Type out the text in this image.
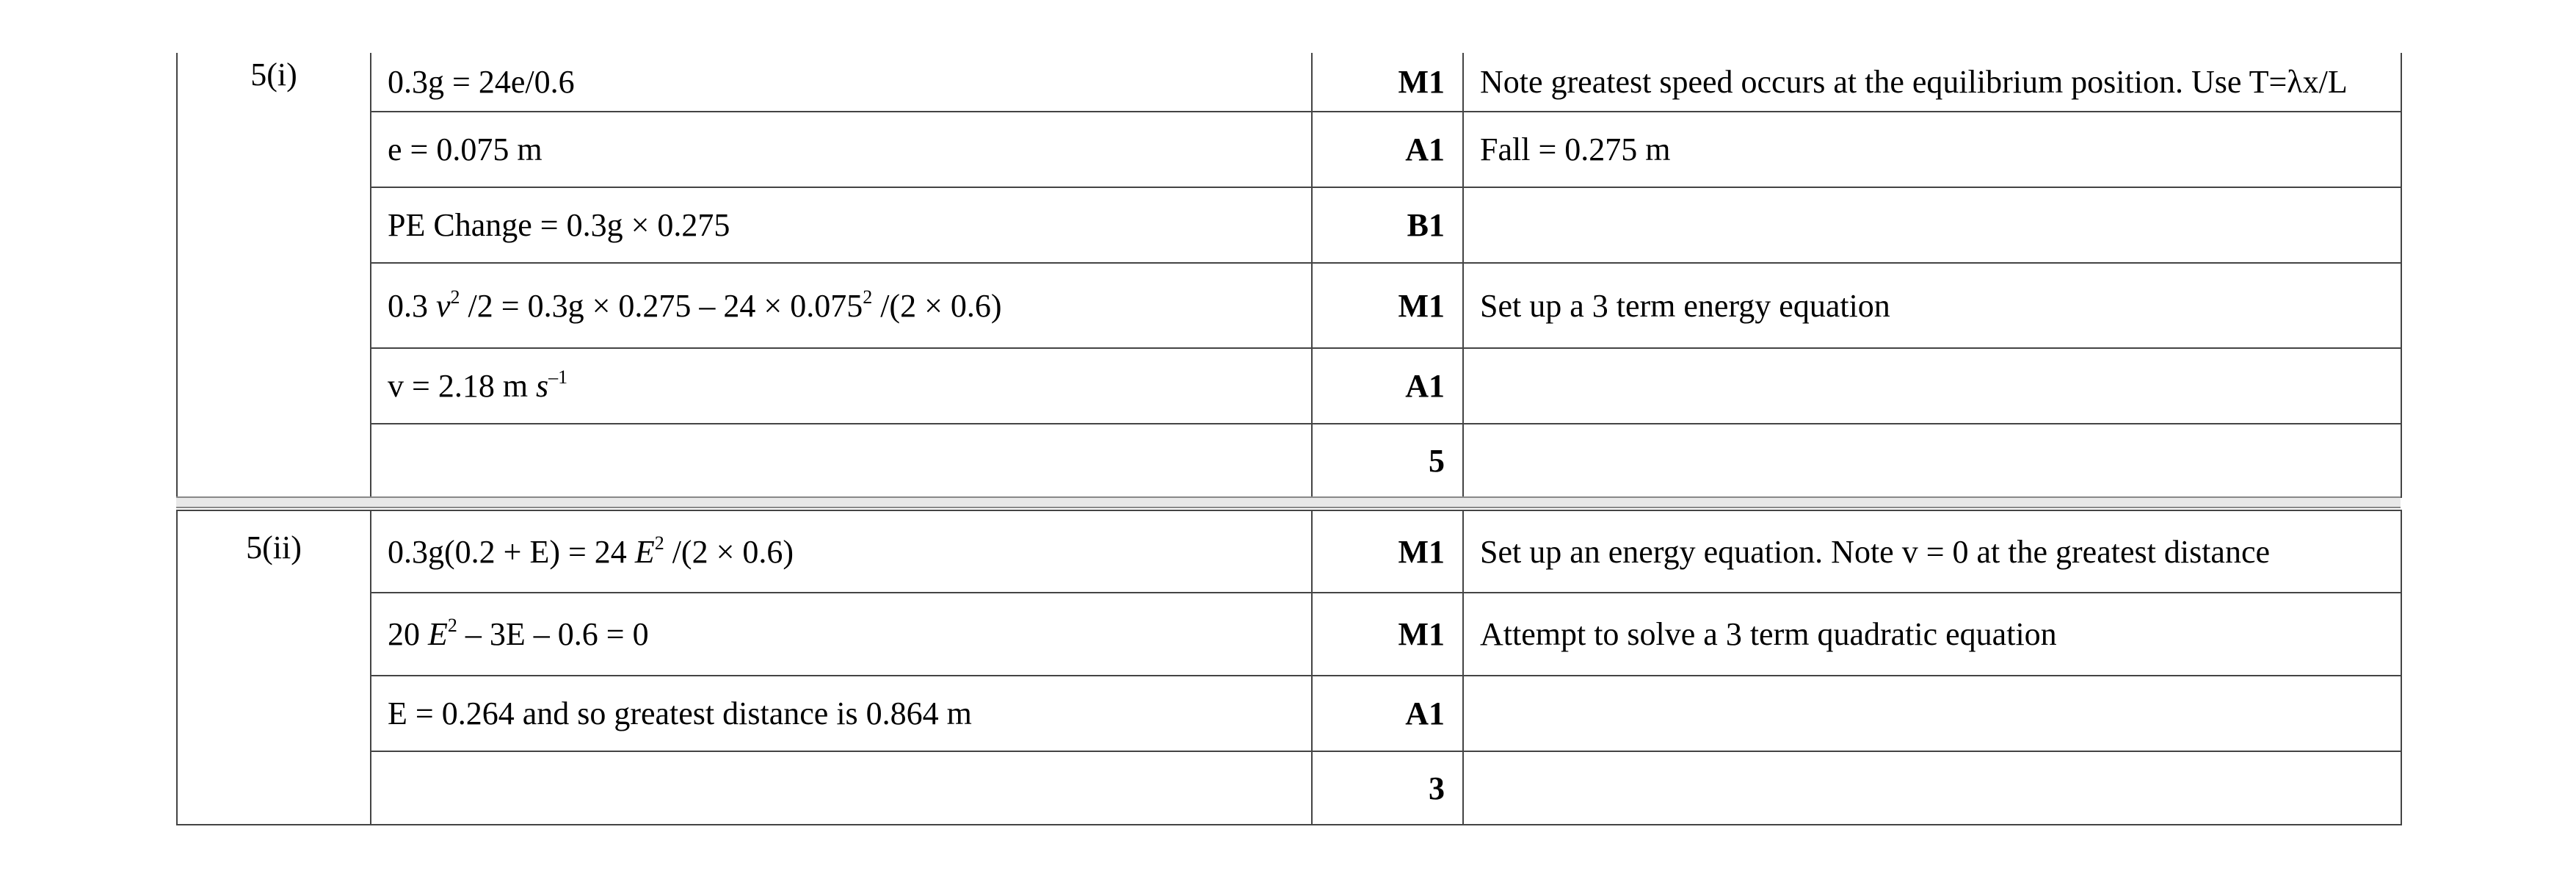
5(i)	0.3g = 24e/0.6	M1	Note greatest speed occurs at the equilibrium position. Use T=λx/L
	e = 0.075 m	A1	Fall = 0.275 m
	PE Change = 0.3g × 0.275	B1	
	0.3 $v^2$ $/2 = 0.3g \times 0.275 - 24 \times 0.075^2$ /(2 × 0.6)	M1	Set up a 3 term energy equation
	v = 2.18 m $s^{-1}$	A1	
		5	
5(ii)	0.3g(0.2 + E) = 24 $E^2$ /(2 × 0.6)	M1	Set up an energy equation. Note v = 0 at the greatest distance
	20 $E^2 - 3E - 0.6 = 0$	M1	Attempt to solve a 3 term quadratic equation
	E = 0.264 and so greatest distance is 0.864 m	A1	
		3	
